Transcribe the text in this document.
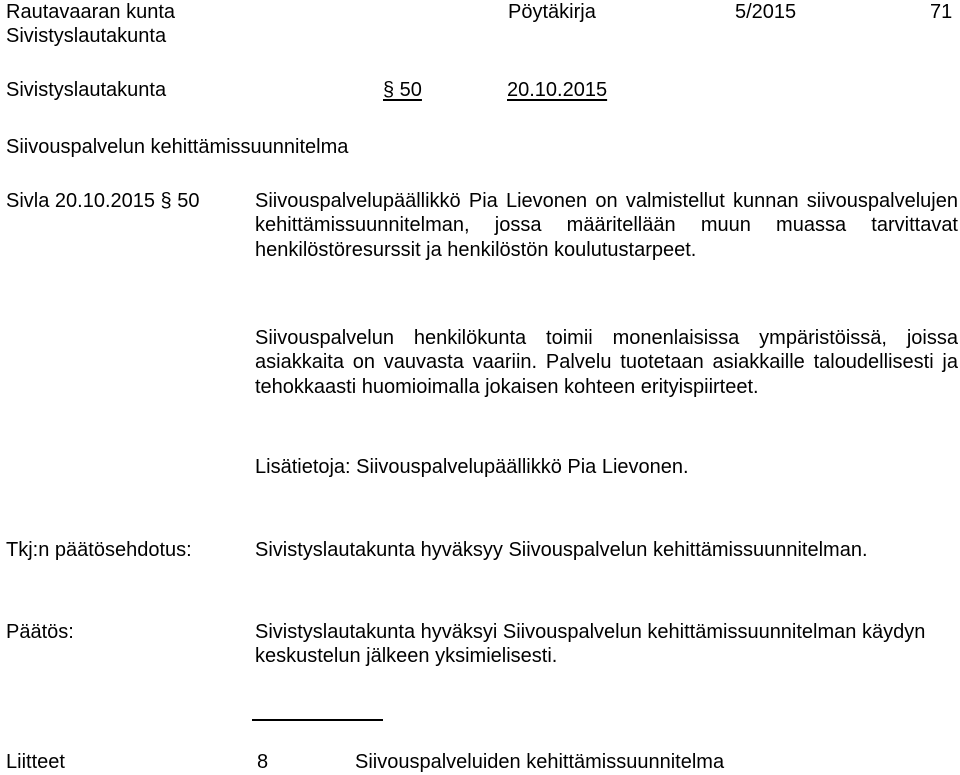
Rautavaaran kunta	Pöytäkirja	5/2015	71
Sivistyslautakunta
Sivistyslautakunta	§ 50	20.10.2015
Siivouspalvelun kehittämissuunnitelma
Sivla 20.10.2015 § 50	Siivouspalvelupäällikkö Pia Lievonen on valmistellut kunnan siivouspalvelujen kehittämissuunnitelman, jossa määritellään muun muassa tarvittavat henkilöstöresurssit ja henkilöstön koulutustarpeet.
Siivouspalvelun henkilökunta toimii monenlaisissa ympäristöissä, joissa asiakkaita on vauvasta vaariin. Palvelu tuotetaan asiakkaille taloudellisesti ja tehokkaasti huomioimalla jokaisen kohteen erityispiirteet.
Lisätietoja: Siivouspalvelupäällikkö Pia Lievonen.
Tkj:n päätösehdotus:	Sivistyslautakunta hyväksyy Siivouspalvelun kehittämissuunnitelman.
Päätös:	Sivistyslautakunta hyväksyi Siivouspalvelun kehittämissuunnitelman käydyn keskustelun jälkeen yksimielisesti.
Liitteet	8	Siivouspalveluiden kehittämissuunnitelma
